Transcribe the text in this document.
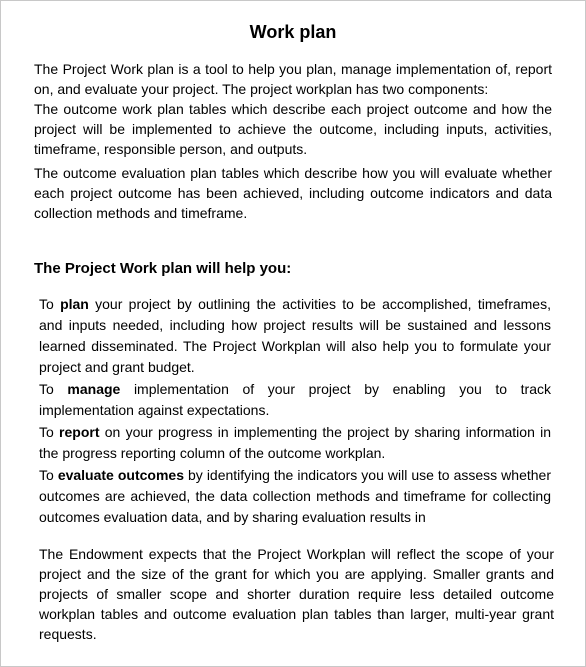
Work plan

The Project Work plan is a tool to help you plan, manage implementation of, report on, and evaluate your project. The project workplan has two components:

The outcome work plan tables which describe each project outcome and how the project will be implemented to achieve the outcome, including inputs, activities, timeframe, responsible person, and outputs.

The outcome evaluation plan tables which describe how you will evaluate whether each project outcome has been achieved, including outcome indicators and data collection methods and timeframe.

The Project Work plan will help you:

To plan your project by outlining the activities to be accomplished, timeframes, and inputs needed, including how project results will be sustained and lessons learned disseminated. The Project Workplan will also help you to formulate your project and grant budget.

To manage implementation of your project by enabling you to track implementation against expectations.

To report on your progress in implementing the project by sharing information in the progress reporting column of the outcome workplan.

To evaluate outcomes by identifying the indicators you will use to assess whether outcomes are achieved, the data collection methods and timeframe for collecting outcomes evaluation data, and by sharing evaluation results in

The Endowment expects that the Project Workplan will reflect the scope of your project and the size of the grant for which you are applying. Smaller grants and projects of smaller scope and shorter duration require less detailed outcome workplan tables and outcome evaluation plan tables than larger, multi-year grant requests.
